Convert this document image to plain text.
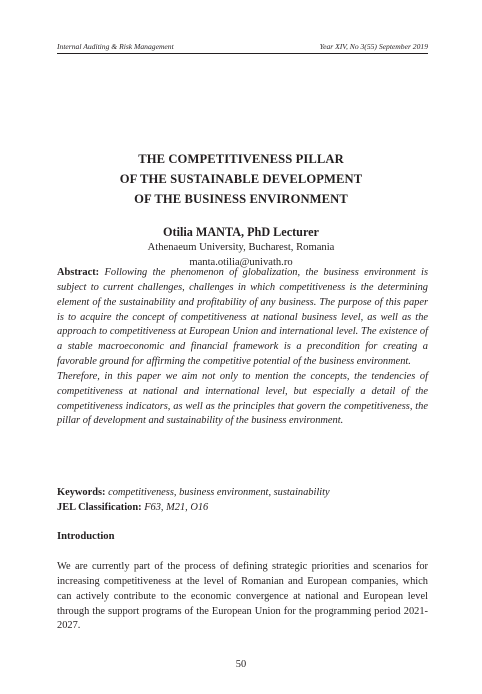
Internal Auditing & Risk Management	Year XIV, No 3(55) September 2019
THE COMPETITIVENESS PILLAR
OF THE SUSTAINABLE DEVELOPMENT
OF THE BUSINESS ENVIRONMENT
Otilia MANTA, PhD Lecturer
Athenaeum University, Bucharest, Romania
manta.otilia@univath.ro

Abstract: Following the phenomenon of globalization, the business environment is subject to current challenges, challenges in which competitiveness is the determining element of the sustainability and profitability of any business. The purpose of this paper is to acquire the concept of competitiveness at national business level, as well as the approach to competitiveness at European Union and international level. The existence of a stable macroeconomic and financial framework is a precondition for creating a favorable ground for affirming the competitive potential of the business environment.

Therefore, in this paper we aim not only to mention the concepts, the tendencies of competitiveness at national and international level, but especially a detail of the competitiveness indicators, as well as the principles that govern the competitiveness, the pillar of development and sustainability of the business environment.

Keywords: competitiveness, business environment, sustainability
JEL Classification: F63, M21, O16
Introduction

We are currently part of the process of defining strategic priorities and scenarios for increasing competitiveness at the level of Romanian and European companies, which can actively contribute to the economic convergence at national and European level through the support programs of the European Union for the programming period 2021-2027.

50
